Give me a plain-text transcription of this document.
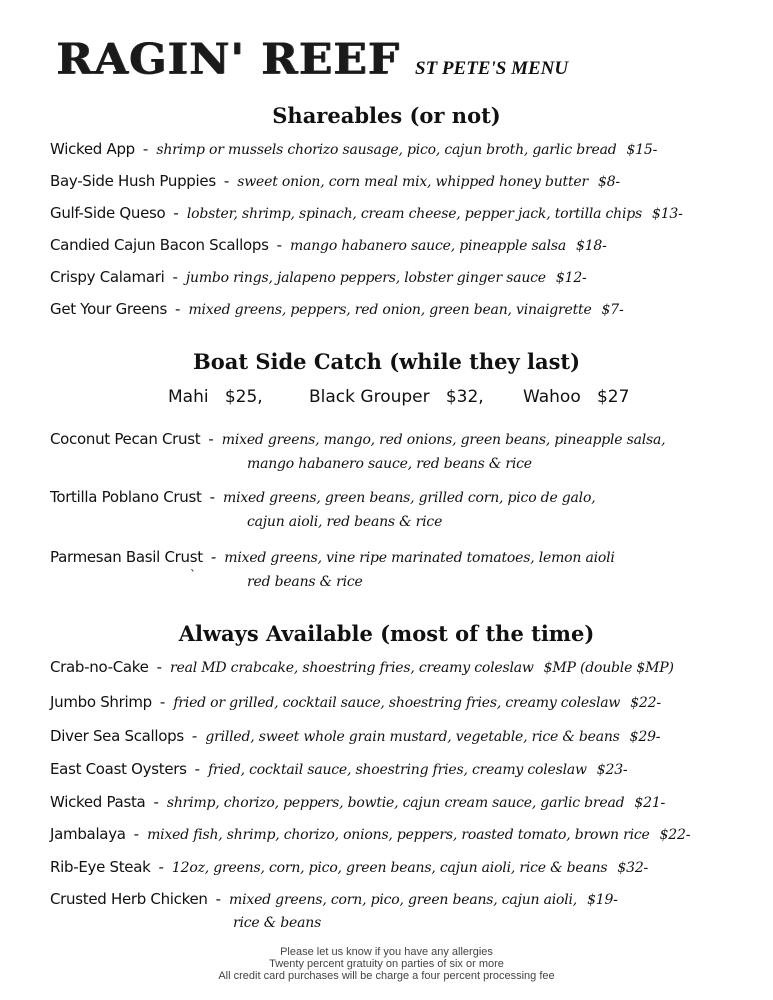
RAGIN' REEF ST PETE'S MENU
Shareables (or not)
Boat Side Catch (while they last)
Always Available (most of the time)
Mahi $25,	Black Grouper $32, Wahoo $27
`
Wicked App - shrimp or mussels chorizo sausage, pico, cajun broth, garlic bread $15-
Bay-Side Hush Puppies - sweet onion, corn meal mix, whipped honey butter $8-
Gulf-Side Queso - lobster, shrimp, spinach, cream cheese, pepper jack, tortilla chips $13-
Candied Cajun Bacon Scallops - mango habanero sauce, pineapple salsa $18-
Crispy Calamari - jumbo rings, jalapeno peppers, lobster ginger sauce $12-
Get Your Greens - mixed greens, peppers, red onion, green bean, vinaigrette $7-
Coconut Pecan Crust - mixed greens, mango, red onions, green beans, pineapple salsa,
mango habanero sauce, red beans & rice
Tortilla Poblano Crust - mixed greens, green beans, grilled corn, pico de galo,
cajun aioli, red beans & rice
Parmesan Basil Crust - mixed greens, vine ripe marinated tomatoes, lemon aioli
red beans & rice
Crab-no-Cake - real MD crabcake, shoestring fries, creamy coleslaw $MP (double $MP)
Jumbo Shrimp - fried or grilled, cocktail sauce, shoestring fries, creamy coleslaw $22-
Diver Sea Scallops - grilled, sweet whole grain mustard, vegetable, rice & beans $29-
East Coast Oysters - fried, cocktail sauce, shoestring fries, creamy coleslaw $23-
Wicked Pasta - shrimp, chorizo, peppers, bowtie, cajun cream sauce, garlic bread $21-
Jambalaya - mixed fish, shrimp, chorizo, onions, peppers, roasted tomato, brown rice $22-
Rib-Eye Steak - 12oz, greens, corn, pico, green beans, cajun aioli, rice & beans $32-
Crusted Herb Chicken - mixed greens, corn, pico, green beans, cajun aioli, $19-
rice & beans
Please let us know if you have any allergies
Twenty percent gratuity on parties of six or more
All credit card purchases will be charge a four percent processing fee
